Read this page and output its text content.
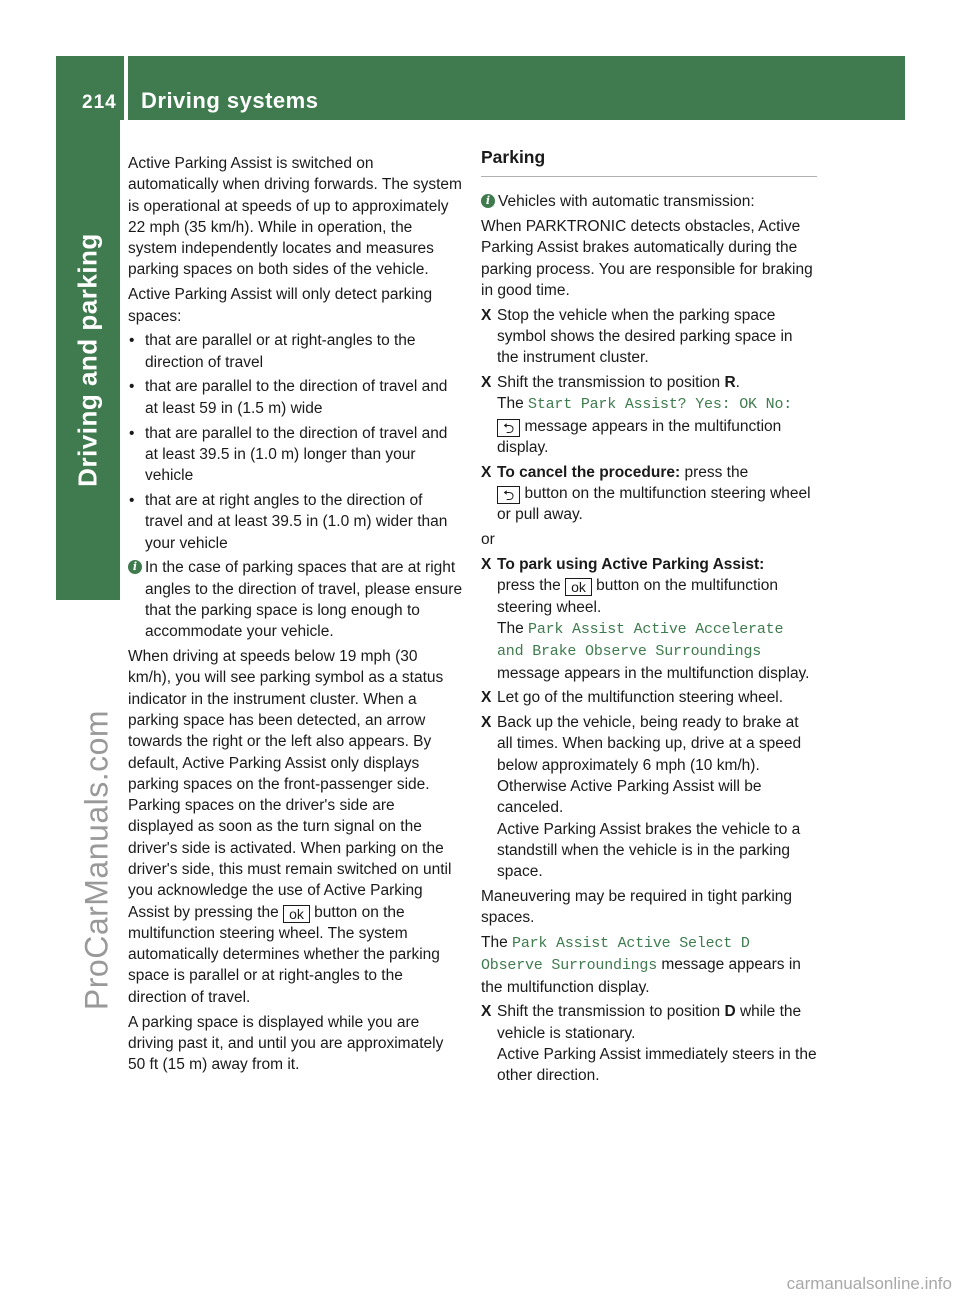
214 Driving systems
Driving and parking
ProCarManuals.com

Active Parking Assist is switched on automatically when driving forwards. The system is operational at speeds of up to approximately 22 mph (35 km/h). While in operation, the system independently locates and measures parking spaces on both sides of the vehicle.

Active Parking Assist will only detect parking spaces:

• that are parallel or at right-angles to the direction of travel
• that are parallel to the direction of travel and at least 59 in (1.5 m) wide
• that are parallel to the direction of travel and at least 39.5 in (1.0 m) longer than your vehicle
• that are at right angles to the direction of travel and at least 39.5 in (1.0 m) wider than your vehicle
i In the case of parking spaces that are at right angles to the direction of travel, please ensure that the parking space is long enough to accommodate your vehicle.

When driving at speeds below 19 mph (30 km/h), you will see parking symbol as a status indicator in the instrument cluster. When a parking space has been detected, an arrow towards the right or the left also appears. By default, Active Parking Assist only displays parking spaces on the front-passenger side. Parking spaces on the driver's side are displayed as soon as the turn signal on the driver's side is activated. When parking on the driver's side, this must remain switched on until you acknowledge the use of Active Parking Assist by pressing the ok button on the multifunction steering wheel. The system automatically determines whether the parking space is parallel or at right-angles to the direction of travel.

A parking space is displayed while you are driving past it, and until you are approximately 50 ft (15 m) away from it.

Parking
i Vehicles with automatic transmission:

When PARKTRONIC detects obstacles, Active Parking Assist brakes automatically during the parking process. You are responsible for braking in good time.

X Stop the vehicle when the parking space symbol shows the desired parking space in the instrument cluster.
X Shift the transmission to position R.
The Start Park Assist? Yes: OK No:
⮌ message appears in the multifunction display.
X To cancel the procedure: press the
⮌ button on the multifunction steering wheel or pull away.

or

X To park using Active Parking Assist:
press the ok button on the multifunction steering wheel.
The Park Assist Active Accelerate
and Brake Observe Surroundings
message appears in the multifunction display.
X Let go of the multifunction steering wheel.
X Back up the vehicle, being ready to brake at all times. When backing up, drive at a speed below approximately 6 mph (10 km/h). Otherwise Active Parking Assist will be canceled.
Active Parking Assist brakes the vehicle to a standstill when the vehicle is in the parking space.

Maneuvering may be required in tight parking spaces.

The Park Assist Active Select D
Observe Surroundings message appears in the multifunction display.

X Shift the transmission to position D while the vehicle is stationary.
Active Parking Assist immediately steers in the other direction.
carmanualsonline.info
